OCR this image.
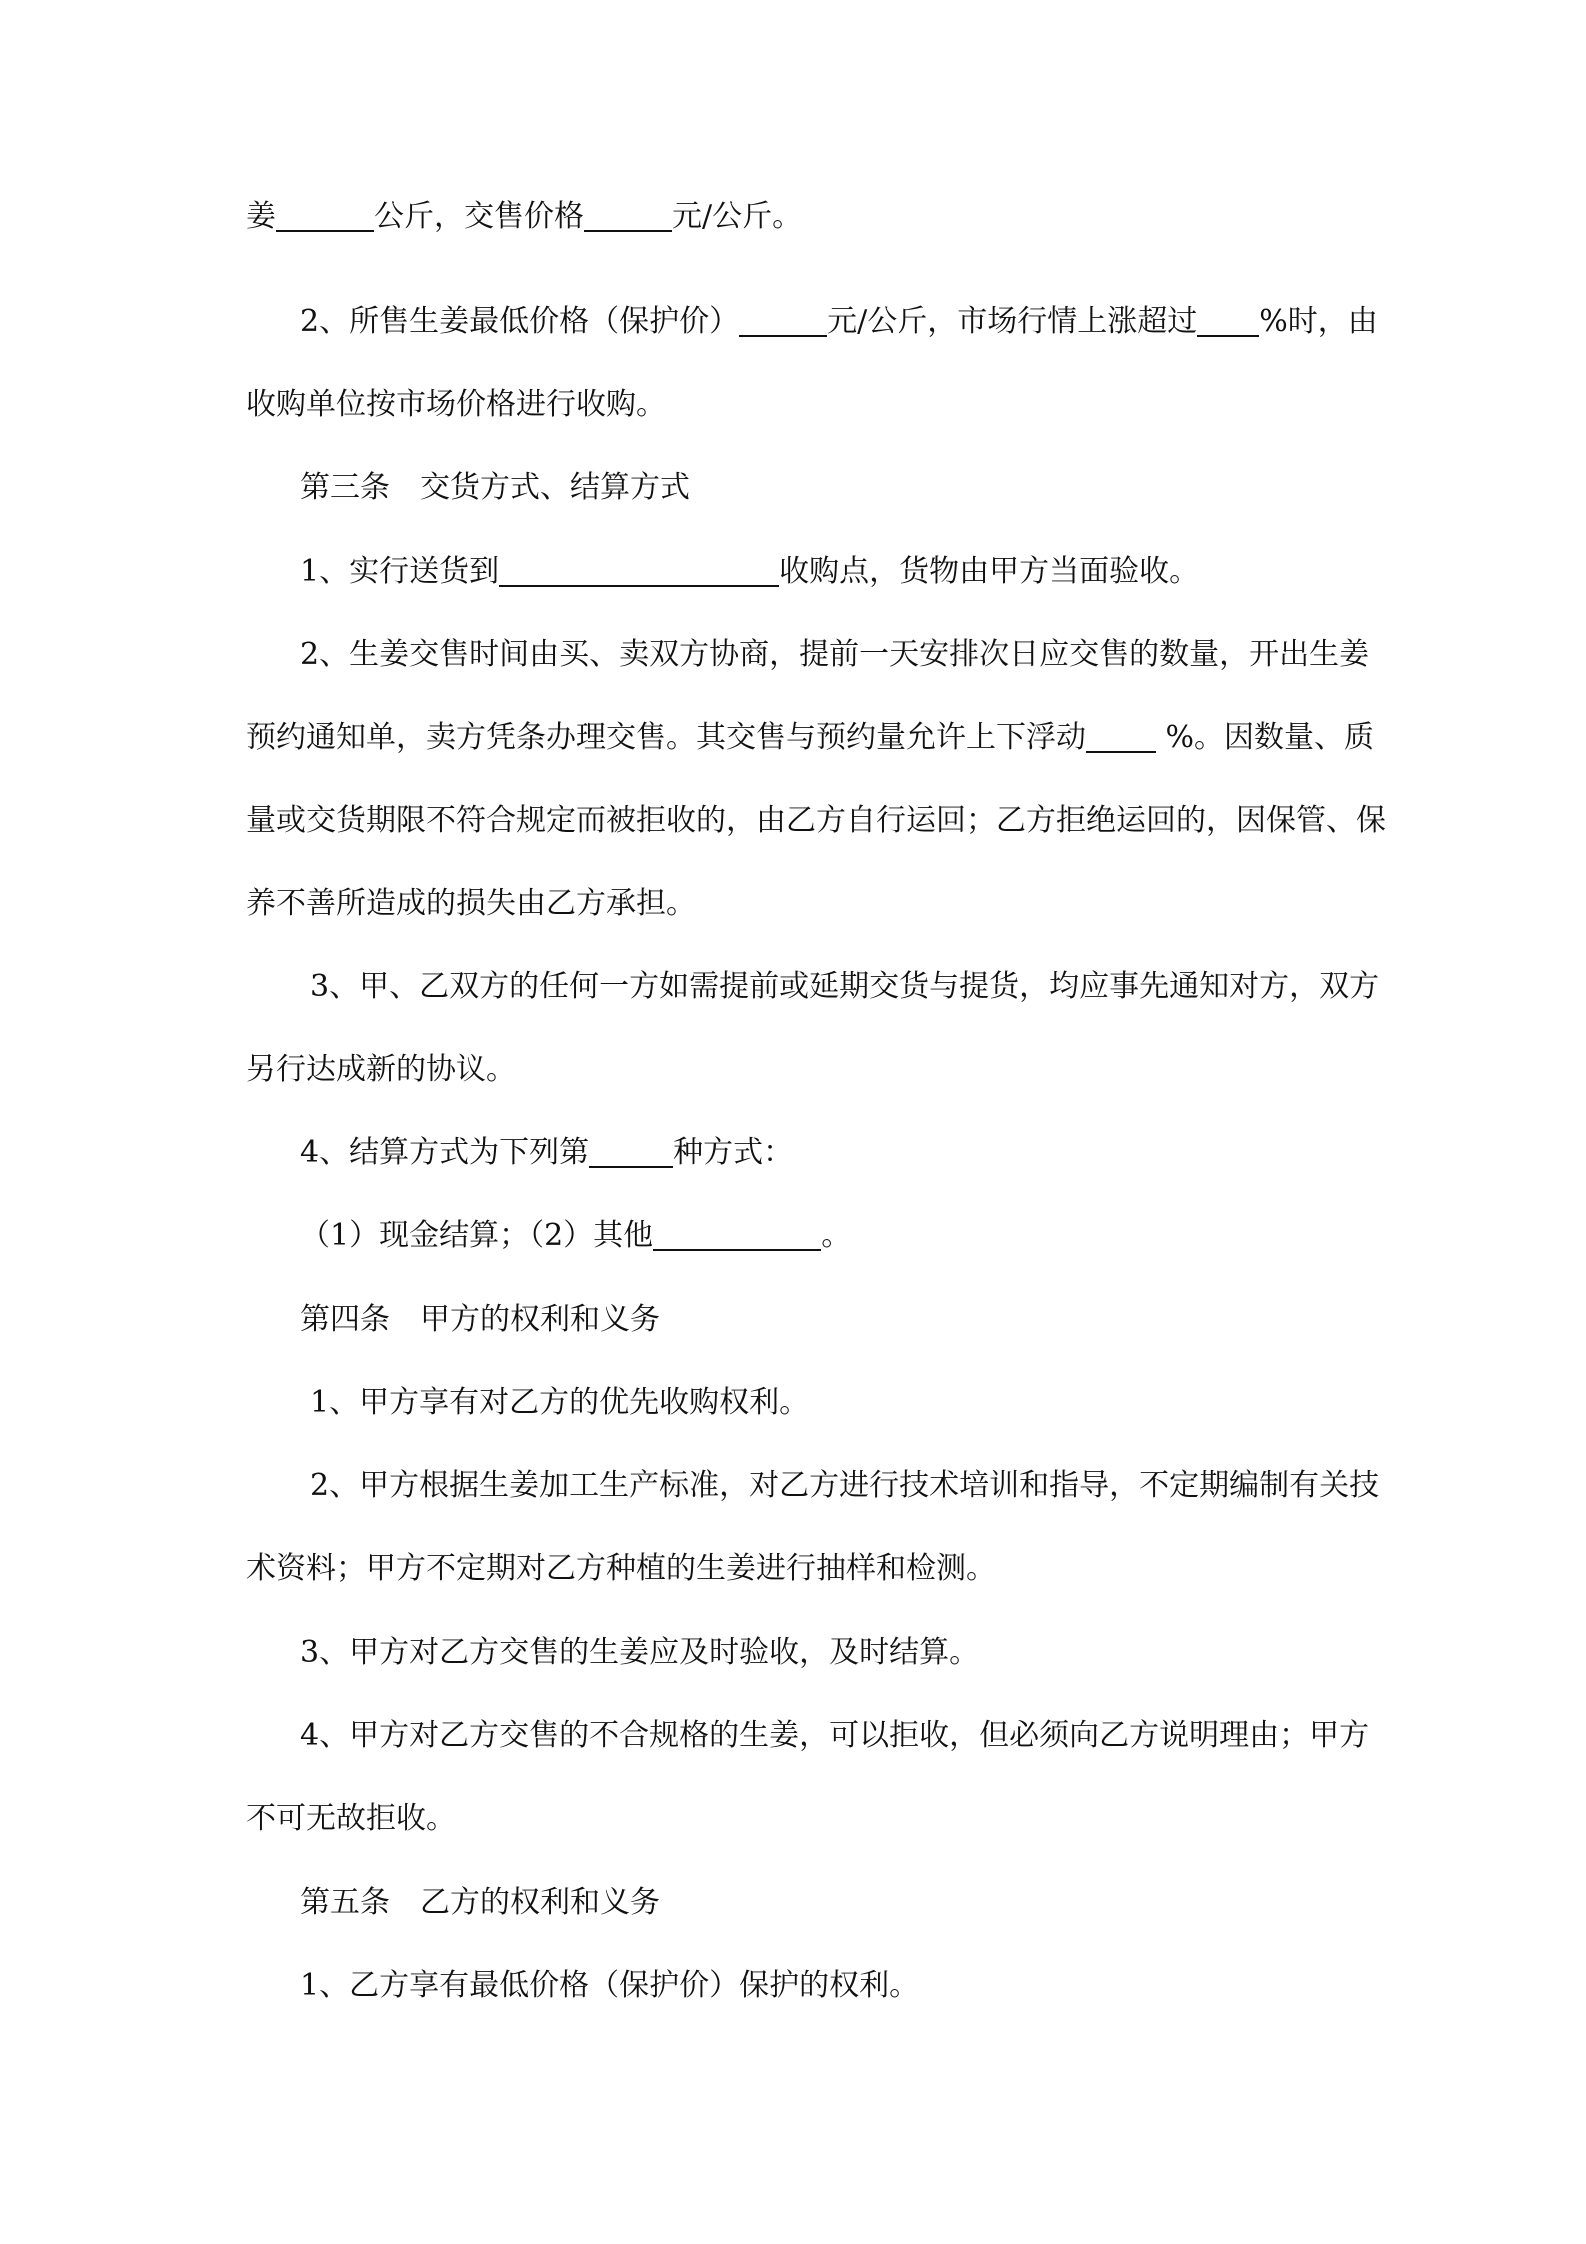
姜	公斤，交售价格	元/公斤。
2、所售生姜最低价格（保护价）	元/公斤，市场行情上涨超过 %时，由
收购单位按市场价格进行收购。
第三条　交货方式、结算方式
1、实行送货到	收购点，货物由甲方当面验收。
2、生姜交售时间由买、卖双方协商，提前一天安排次日应交售的数量，开出生姜
预约通知单，卖方凭条办理交售。其交售与预约量允许上下浮动 %。因数量、质
量或交货期限不符合规定而被拒收的，由乙方自行运回；乙方拒绝运回的，因保管、保
养不善所造成的损失由乙方承担。
3、甲、乙双方的任何一方如需提前或延期交货与提货，均应事先通知对方，双方
另行达成新的协议。
4、结算方式为下列第	种方式：
（1）现金结算；（2）其他	。
第四条　甲方的权利和义务
1、甲方享有对乙方的优先收购权利。
2、甲方根据生姜加工生产标准，对乙方进行技术培训和指导，不定期编制有关技
术资料；甲方不定期对乙方种植的生姜进行抽样和检测。
3、甲方对乙方交售的生姜应及时验收，及时结算。
4、甲方对乙方交售的不合规格的生姜，可以拒收，但必须向乙方说明理由；甲方
不可无故拒收。
第五条　乙方的权利和义务
1、乙方享有最低价格（保护价）保护的权利。
